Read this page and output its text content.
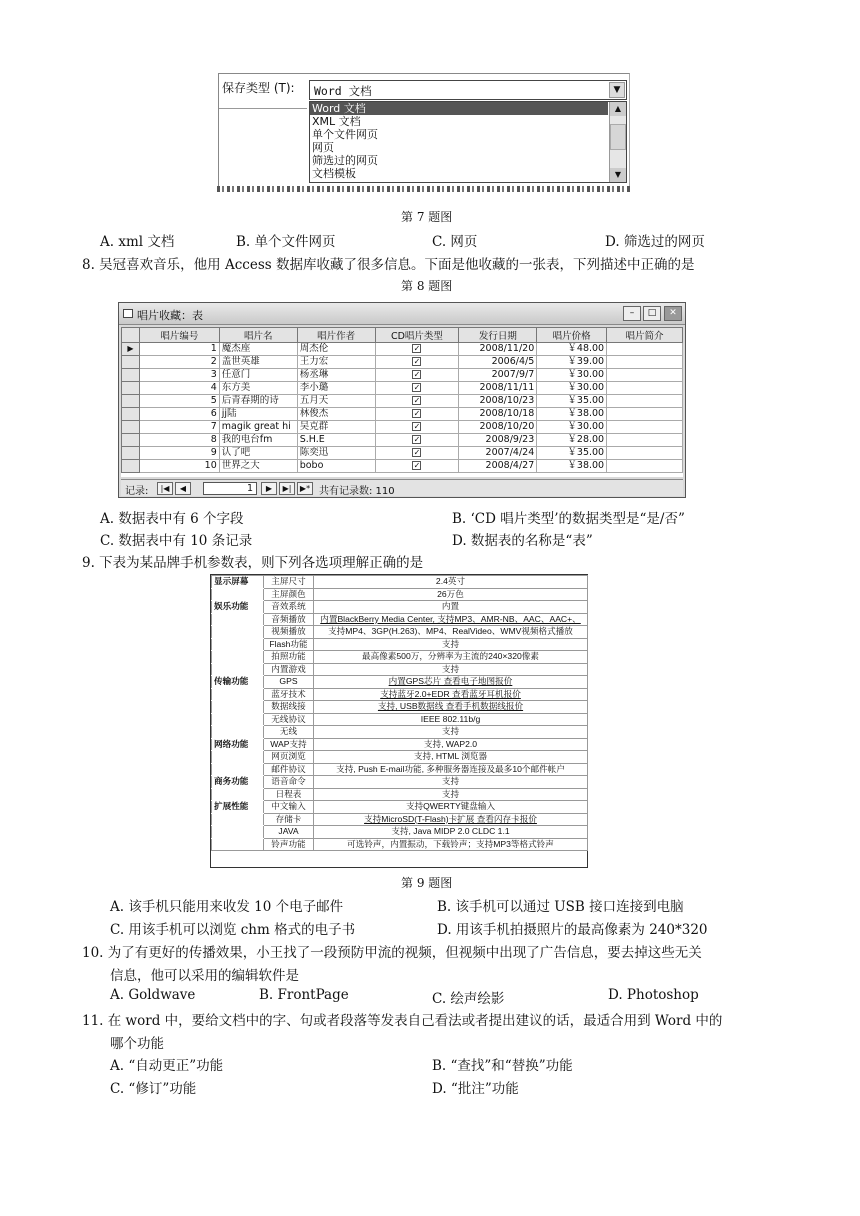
保存类型 (T): Word 文档	▼
Word 文档
XML 文档
单个文件网页
网页
筛选过的网页
文档模板
▲
▼
第 7 题图
A. xml 文档	B. 单个文件网页	C. 网页	D. 筛选过的网页
8. 吴冠喜欢音乐，他用 Access 数据库收藏了很多信息。下面是他收藏的一张表，下列描述中正确的是
第 8 题图
唱片收藏：表	–	□	✕
	唱片编号	唱片名	唱片作者	CD唱片类型	发行日期	唱片价格	唱片简介
▶	1	魔杰座	周杰伦	✓	2008/11/20	￥48.00	
	2	盖世英雄	王力宏	✓	2006/4/5	￥39.00	
	3	任意门	杨丞琳	✓	2007/9/7	￥30.00	
	4	东方美	李小璐	✓	2008/11/11	￥30.00	
	5	后青春期的诗	五月天	✓	2008/10/23	￥35.00	
	6	jj陆	林俊杰	✓	2008/10/18	￥38.00	
	7	magik great hi	吴克群	✓	2008/10/20	￥30.00	
	8	我的电台fm	S.H.E	✓	2008/9/23	￥28.00	
	9	认了吧	陈奕迅	✓	2007/4/24	￥35.00	
	10	世界之大	bobo	✓	2008/4/27	￥38.00	
记录:	|◀	◀	1	▶	▶|	▶* 共有记录数: 110
A. 数据表中有 6 个字段	B. ‘CD 唱片类型’的数据类型是“是/否”
C. 数据表中有 10 条记录	D. 数据表的名称是“表”
9. 下表为某品牌手机参数表，则下列各选项理解正确的是
显示屏幕	主屏尺寸	2.4英寸
	主屏颜色	26万色
娱乐功能	音效系统	内置
	音频播放	内置BlackBerry Media Center, 支持MP3、AMR-NB、AAC、AAC+、
	视频播放	支持MP4、3GP(H.263)、MP4、RealVideo、WMV视频格式播放
	Flash功能	支持
	拍照功能	最高像素500万，分辨率为主流的240×320像素
	内置游戏	支持
传输功能	GPS	内置GPS芯片 查看电子地图报价
	蓝牙技术	支持蓝牙2.0+EDR 查看蓝牙耳机报价
	数据线接	支持, USB数据线 查看手机数据线报价
	无线协议	IEEE 802.11b/g
	无线	支持
网络功能	WAP支持	支持, WAP2.0
	网页浏览	支持, HTML 浏览器
	邮件协议	支持, Push E-mail功能, 多种服务器连接及最多10个邮件帐户
商务功能	语音命令	支持
	日程表	支持
扩展性能	中文输入	支持QWERTY键盘输入
	存储卡	支持MicroSD(T-Flash)卡扩展 查看闪存卡报价
	JAVA	支持, Java MIDP 2.0 CLDC 1.1
	铃声功能	可选铃声，内置振动，下载铃声；支持MP3等格式铃声
第 9 题图
A. 该手机只能用来收发 10 个电子邮件	B. 该手机可以通过 USB 接口连接到电脑
C. 用该手机可以浏览 chm 格式的电子书	D. 用该手机拍摄照片的最高像素为 240*320
10. 为了有更好的传播效果，小王找了一段预防甲流的视频，但视频中出现了广告信息，要去掉这些无关
信息，他可以采用的编辑软件是
A. Goldwave	B. FrontPage	C. 绘声绘影	D. Photoshop
11. 在 word 中，要给文档中的字、句或者段落等发表自己看法或者提出建议的话，最适合用到 Word 中的
哪个功能
A. “自动更正”功能	B. “查找”和“替换”功能
C. “修订”功能	D. “批注”功能
